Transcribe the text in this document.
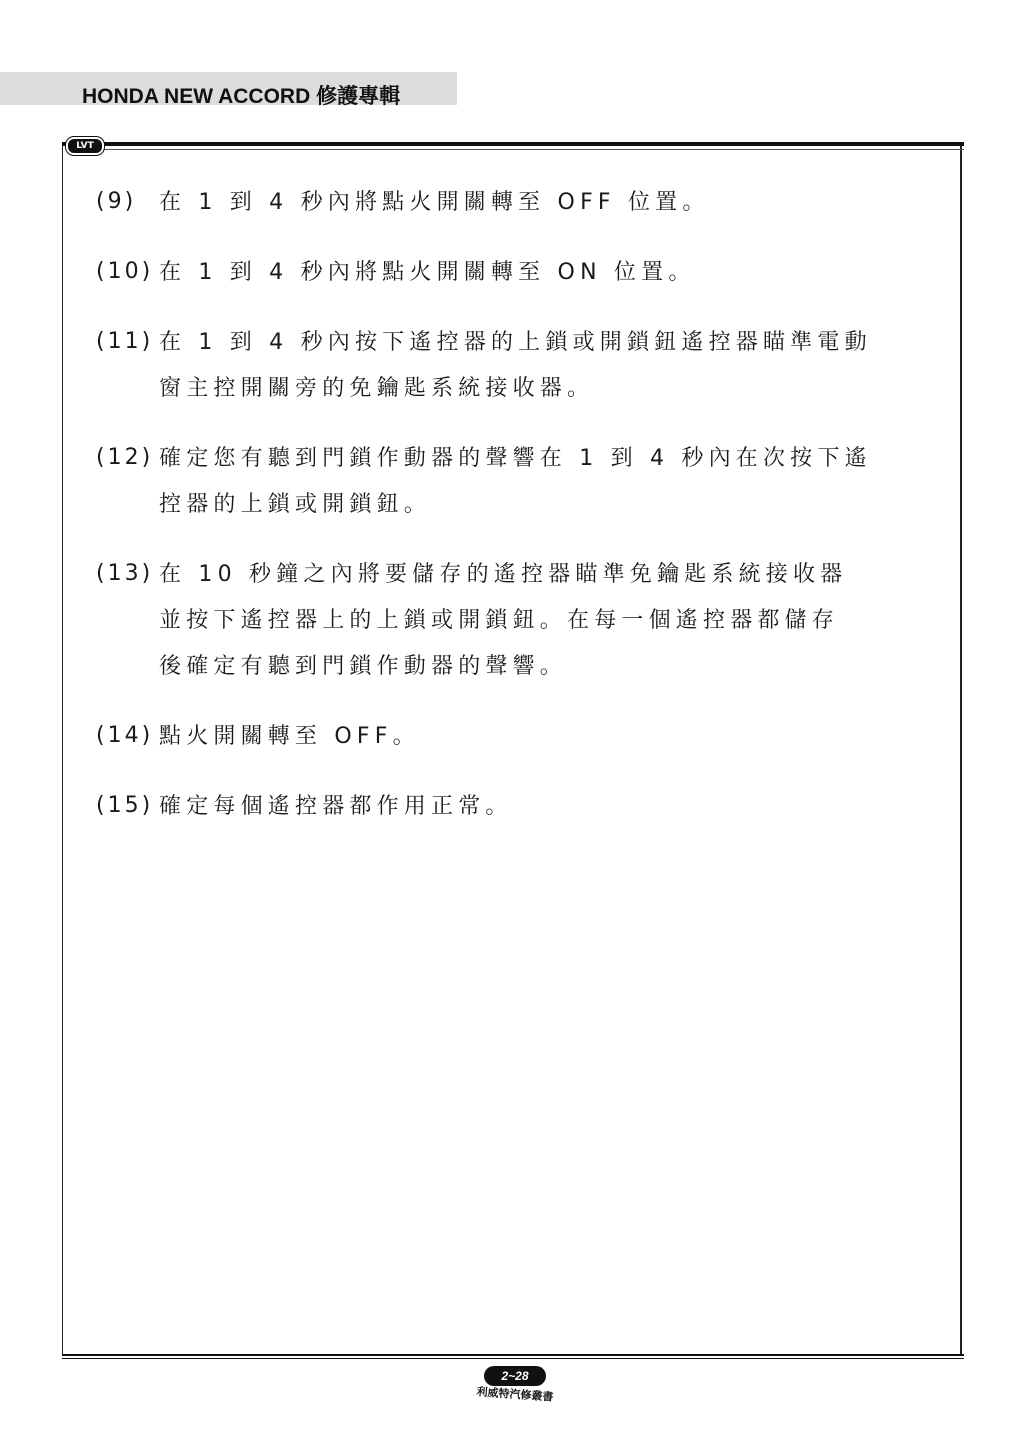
HONDA NEW ACCORD 修護專輯
LVT
(9) 在 1 到 4 秒內將點火開關轉至 OFF 位置。
(10) 在 1 到 4 秒內將點火開關轉至 ON 位置。
(11) 在 1 到 4 秒內按下遙控器的上鎖或開鎖鈕遙控器瞄準電動
窗主控開關旁的免鑰匙系統接收器。
(12) 確定您有聽到門鎖作動器的聲響在 1 到 4 秒內在次按下遙
控器的上鎖或開鎖鈕。
(13) 在 10 秒鐘之內將要儲存的遙控器瞄準免鑰匙系統接收器
並按下遙控器上的上鎖或開鎖鈕。在每一個遙控器都儲存
後確定有聽到門鎖作動器的聲響。
(14) 點火開關轉至 OFF。
(15) 確定每個遙控器都作用正常。
2~28
利威特汽修叢書
